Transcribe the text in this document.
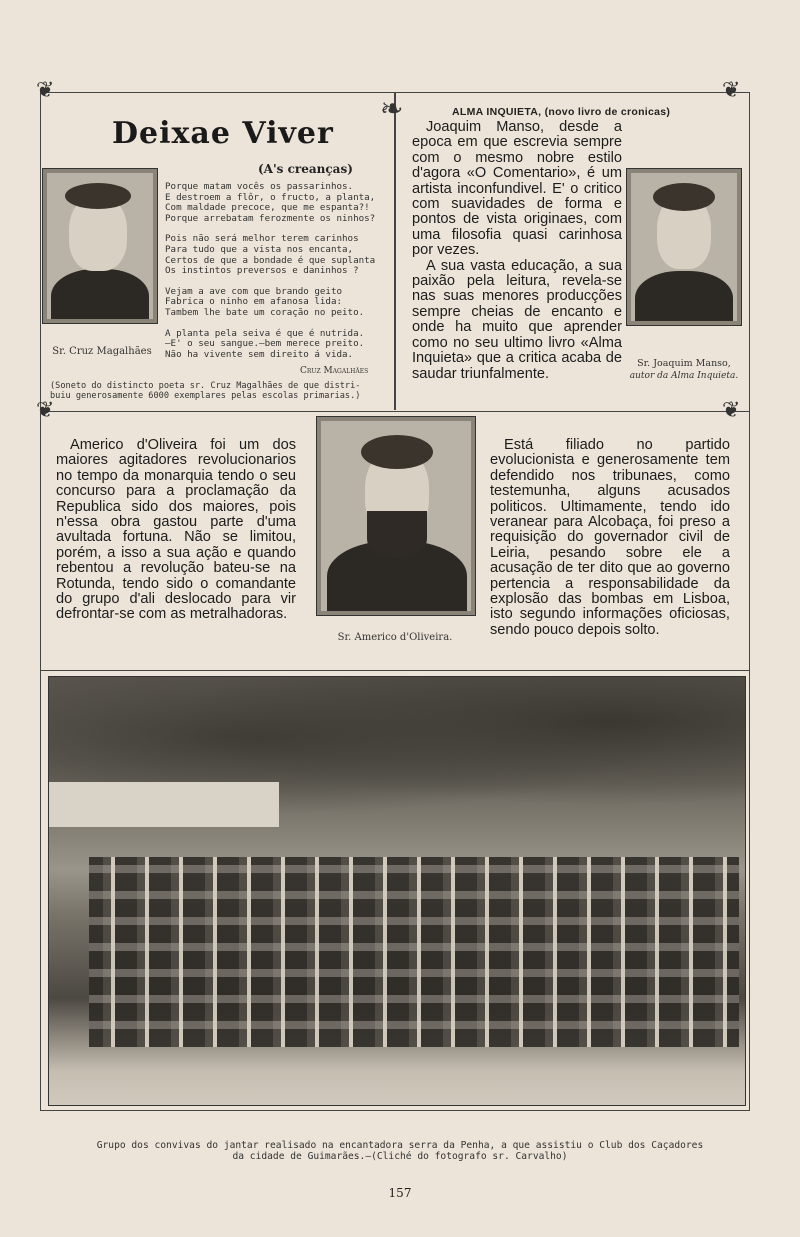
❦	❦
❦	❦
❧
Deixae Viver
(A's creanças)
Sr. Cruz Magalhães
Porque matam vocês os passarinhos.
E destroem a flôr, o fructo, a planta,
Com maldade precoce, que me espanta?!
Porque arrebatam ferozmente os ninhos?
Pois não será melhor terem carinhos
Para tudo que a vista nos encanta,
Certos de que a bondade é que suplanta
Os instintos preversos e daninhos ?
Vejam a ave com que brando geito
Fabrica o ninho em afanosa lida:
Tambem lhe bate um coração no peito.
A planta pela seiva é que é nutrida.
—E' o seu sangue.—bem merece preito.
Não ha vivente sem direito á vida.
Cruz Magalhães
(Soneto do distincto poeta sr. Cruz Magalhães de que distri-
buiu generosamente 6000 exemplares pelas escolas primarias.)
ALMA INQUIETA, (novo livro de cronicas)

Joaquim Manso, desde a epoca em que escrevia sempre com o mesmo nobre estilo d'agora «O Comentario», é um artista inconfundivel. E' o critico com suavidades de forma e pontos de vista originaes, com uma filosofia quasi carinhosa por vezes.

A sua vasta educação, a sua paixão pela leitura, revela-se nas suas menores producções sempre cheias de encanto e onde ha muito que aprender como no seu ultimo livro «Alma Inquieta» que a critica acaba de saudar triunfalmente.

Sr. Joaquim Manso,
autor da Alma Inquieta.

Americo d'Oliveira foi um dos maiores agitadores revolucionarios no tempo da monarquia tendo o seu concurso para a proclamação da Republica sido dos maiores, pois n'essa obra gastou parte d'uma avultada fortuna. Não se limitou, porém, a isso a sua ação e quando rebentou a revolução bateu-se na Rotunda, tendo sido o comandante do grupo d'ali deslocado para vir defrontar-se com as metralhadoras.

Sr. Americo d'Oliveira.

Está filiado no partido evolucionista e generosamente tem defendido nos tribunaes, como testemunha, alguns acusados politicos. Ultimamente, tendo ido veranear para Alcobaça, foi preso a requisição do governador civil de Leiria, pesando sobre ele a acusação de ter dito que ao governo pertencia a responsabilidade da explosão das bombas em Lisboa, isto segundo informações oficiosas, sendo pouco depois solto.

Grupo dos convivas do jantar realisado na encantadora serra da Penha, a que assistiu o Club dos Caçadores
da cidade de Guimarães.—(Cliché do fotografo sr. Carvalho)
157
